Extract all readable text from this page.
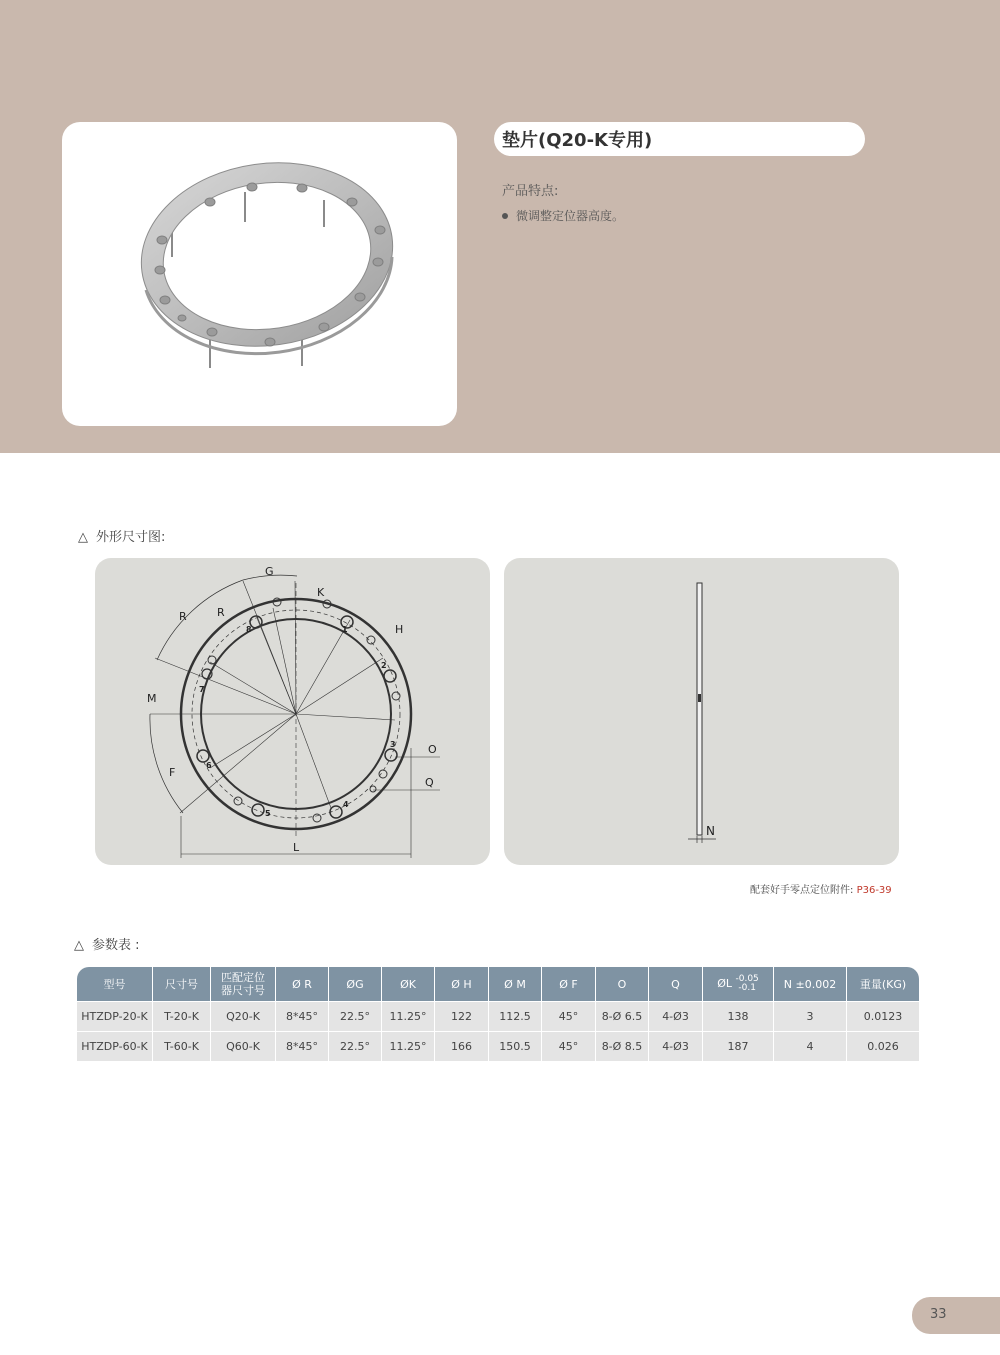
垫片(Q20-K专用)
产品特点:
微调整定位器高度。
△ 外形尺寸图:
G
K
R	R
H
M
O
F
Q
L
1
2
3
4
5
6
7
8
N
配套好手零点定位附件: P36-39
△ 参数表 :
型号	尺寸号	匹配定位器尺寸号	Ø R	ØG	ØK	Ø H	Ø M	Ø F	O	Q	ØL -0.05
-0.1	N ±0.002	重量(KG)
HTZDP-20-K	T-20-K	Q20-K	8*45°	22.5°	11.25°	122	112.5	45°	8-Ø 6.5	4-Ø3	138	3	0.0123
HTZDP-60-K	T-60-K	Q60-K	8*45°	22.5°	11.25°	166	150.5	45°	8-Ø 8.5	4-Ø3	187	4	0.026
33
